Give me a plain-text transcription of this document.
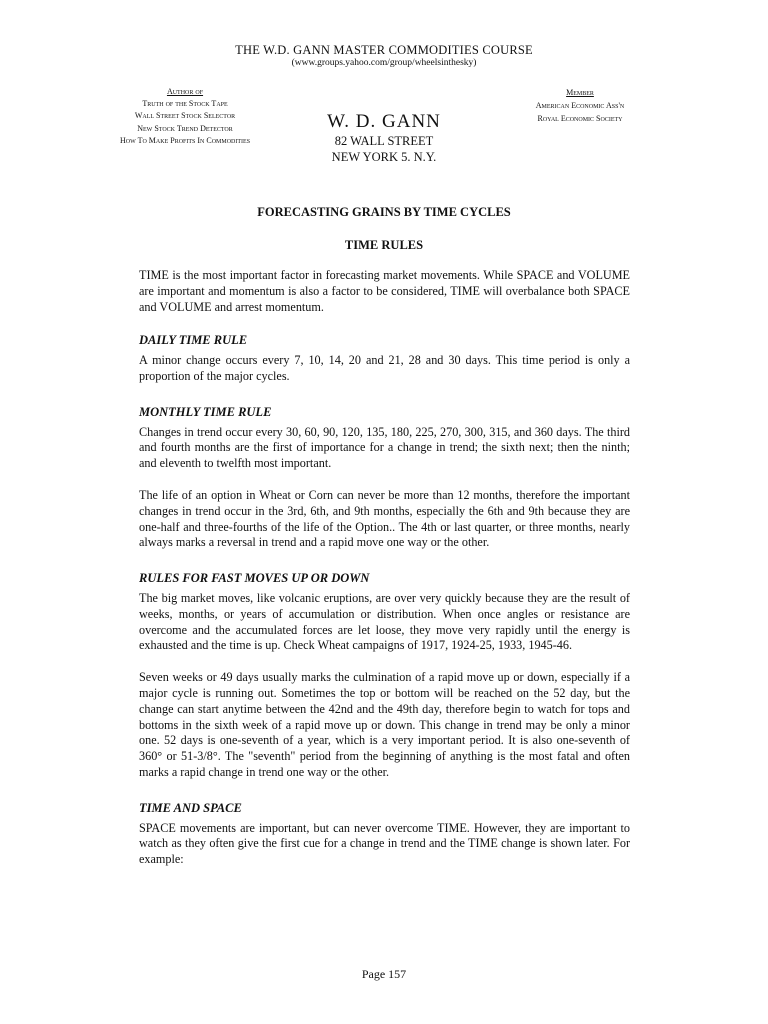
THE W.D. GANN MASTER COMMODITIES COURSE
(www.groups.yahoo.com/group/wheelsinthesky)
Author of
Truth of the Stock Tape
Wall Street Stock Selector
New Stock Trend Detector
How To Make Profits In Commodities
W. D. GANN
82 WALL STREET
NEW YORK 5. N.Y.
Member
American Economic Ass'n
Royal Economic Society
FORECASTING GRAINS BY TIME CYCLES
TIME RULES

TIME is the most important factor in forecasting market movements. While SPACE and VOLUME are important and momentum is also a factor to be considered, TIME will overbalance both SPACE and VOLUME and arrest momentum.

DAILY TIME RULE

A minor change occurs every 7, 10, 14, 20 and 21, 28 and 30 days. This time period is only a proportion of the major cycles.

MONTHLY TIME RULE

Changes in trend occur every 30, 60, 90, 120, 135, 180, 225, 270, 300, 315, and 360 days. The third and fourth months are the first of importance for a change in trend; the sixth next; then the ninth; and eleventh to twelfth most important.

The life of an option in Wheat or Corn can never be more than 12 months, therefore the important changes in trend occur in the 3rd, 6th, and 9th months, especially the 6th and 9th because they are one-half and three-fourths of the life of the Option.. The 4th or last quarter, or three months, nearly always marks a reversal in trend and a rapid move one way or the other.

RULES FOR FAST MOVES UP OR DOWN

The big market moves, like volcanic eruptions, are over very quickly because they are the result of weeks, months, or years of accumulation or distribution. When once angles or resistance are overcome and the accumulated forces are let loose, they move very rapidly until the energy is exhausted and the time is up. Check Wheat campaigns of 1917, 1924-25, 1933, 1945-46.

Seven weeks or 49 days usually marks the culmination of a rapid move up or down, especially if a major cycle is running out. Sometimes the top or bottom will be reached on the 52 day, but the change can start anytime between the 42nd and the 49th day, therefore begin to watch for tops and bottoms in the sixth week of a rapid move up or down. This change in trend may be only a minor one. 52 days is one-seventh of a year, which is a very important period. It is also one-seventh of 360° or 51-3/8°. The "seventh" period from the beginning of anything is the most fatal and often marks a rapid change in trend one way or the other.

TIME AND SPACE

SPACE movements are important, but can never overcome TIME. However, they are important to watch as they often give the first cue for a change in trend and the TIME change is shown later. For example:

Page 157
